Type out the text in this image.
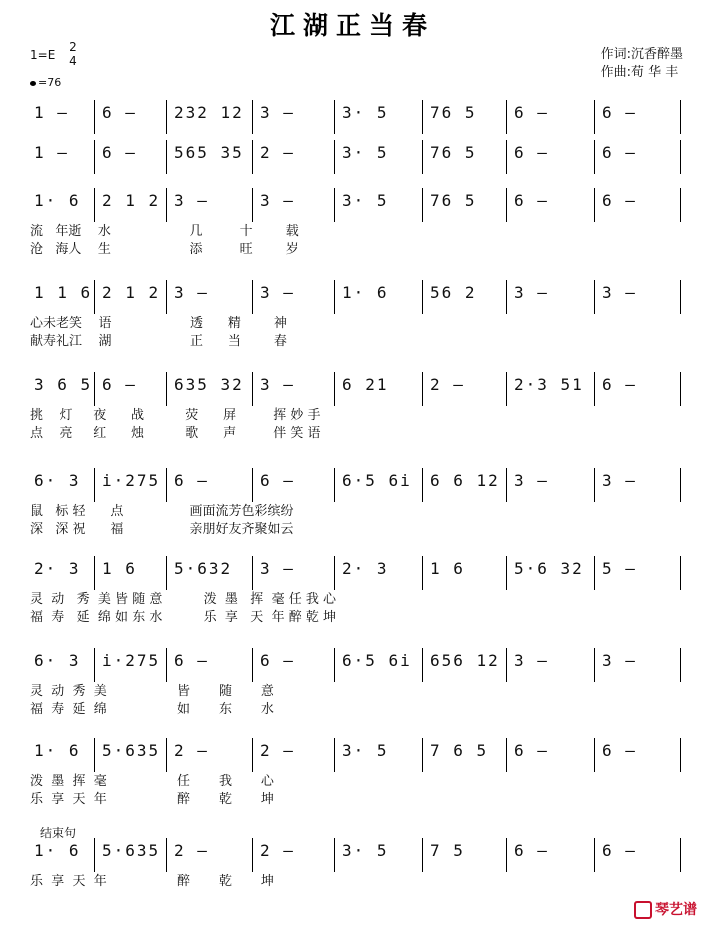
江湖正当春
1=E
2
4
=76
作词:沉香醉墨
作曲:荀 华 丰
结束句
1 – 6 – 232 12 3 –	3· 5	76 5 6 –	6 –
1 – 6 – 565 35 2 –	3· 5	76 5 6 –	6 –
1· 6 2 1 2 3 –	3 –	3· 5	76 5 6 –	6 –
流   年逝    水                   几         十        载
沧   海人    生                   添         旺        岁
1 1 6 2 1 2 3 –	3 –	1· 6	56 2 3 –	3 –
心未老笑    语                   透      精        神
献寿礼江    湖                   正      当        春
3 6 5 6 – 635 32 3 –	6 21	2 –	2·3 51 6 –
挑    灯     夜      战          荧      屏         挥 妙 手
点    亮     红      烛          歌      声         伴 笑 语
6· 3 i·275 6 –	6 –	6·5 6i 6 6 12 3 –	3 –
鼠   标 轻      点                画面流芳色彩缤纷
深   深 祝      福                亲朋好友齐聚如云
2· 3 1 6 5·632 3 –	2· 3	1 6	5·6 32 5 –
灵  动   秀  美 皆 随 意          泼  墨   挥  毫 任 我 心
福  寿   延  绵 如 东 水          乐  享   天  年 醉 乾 坤
6· 3 i·275 6 –	6 –	6·5 6i 656 12 3 –	3 –
灵  动  秀  美                 皆       随       意
福  寿  延  绵                 如       东       水
1· 6 5·635 2 –	2 –	3· 5	7 6 5 6 –	6 –
泼  墨  挥  毫                 任       我       心
乐  享  天  年                 醉       乾       坤
1· 6 5·635 2 –	2 –	3· 5	7 5	6 –	6 –
乐  享  天  年                 醉       乾       坤
琴艺谱
